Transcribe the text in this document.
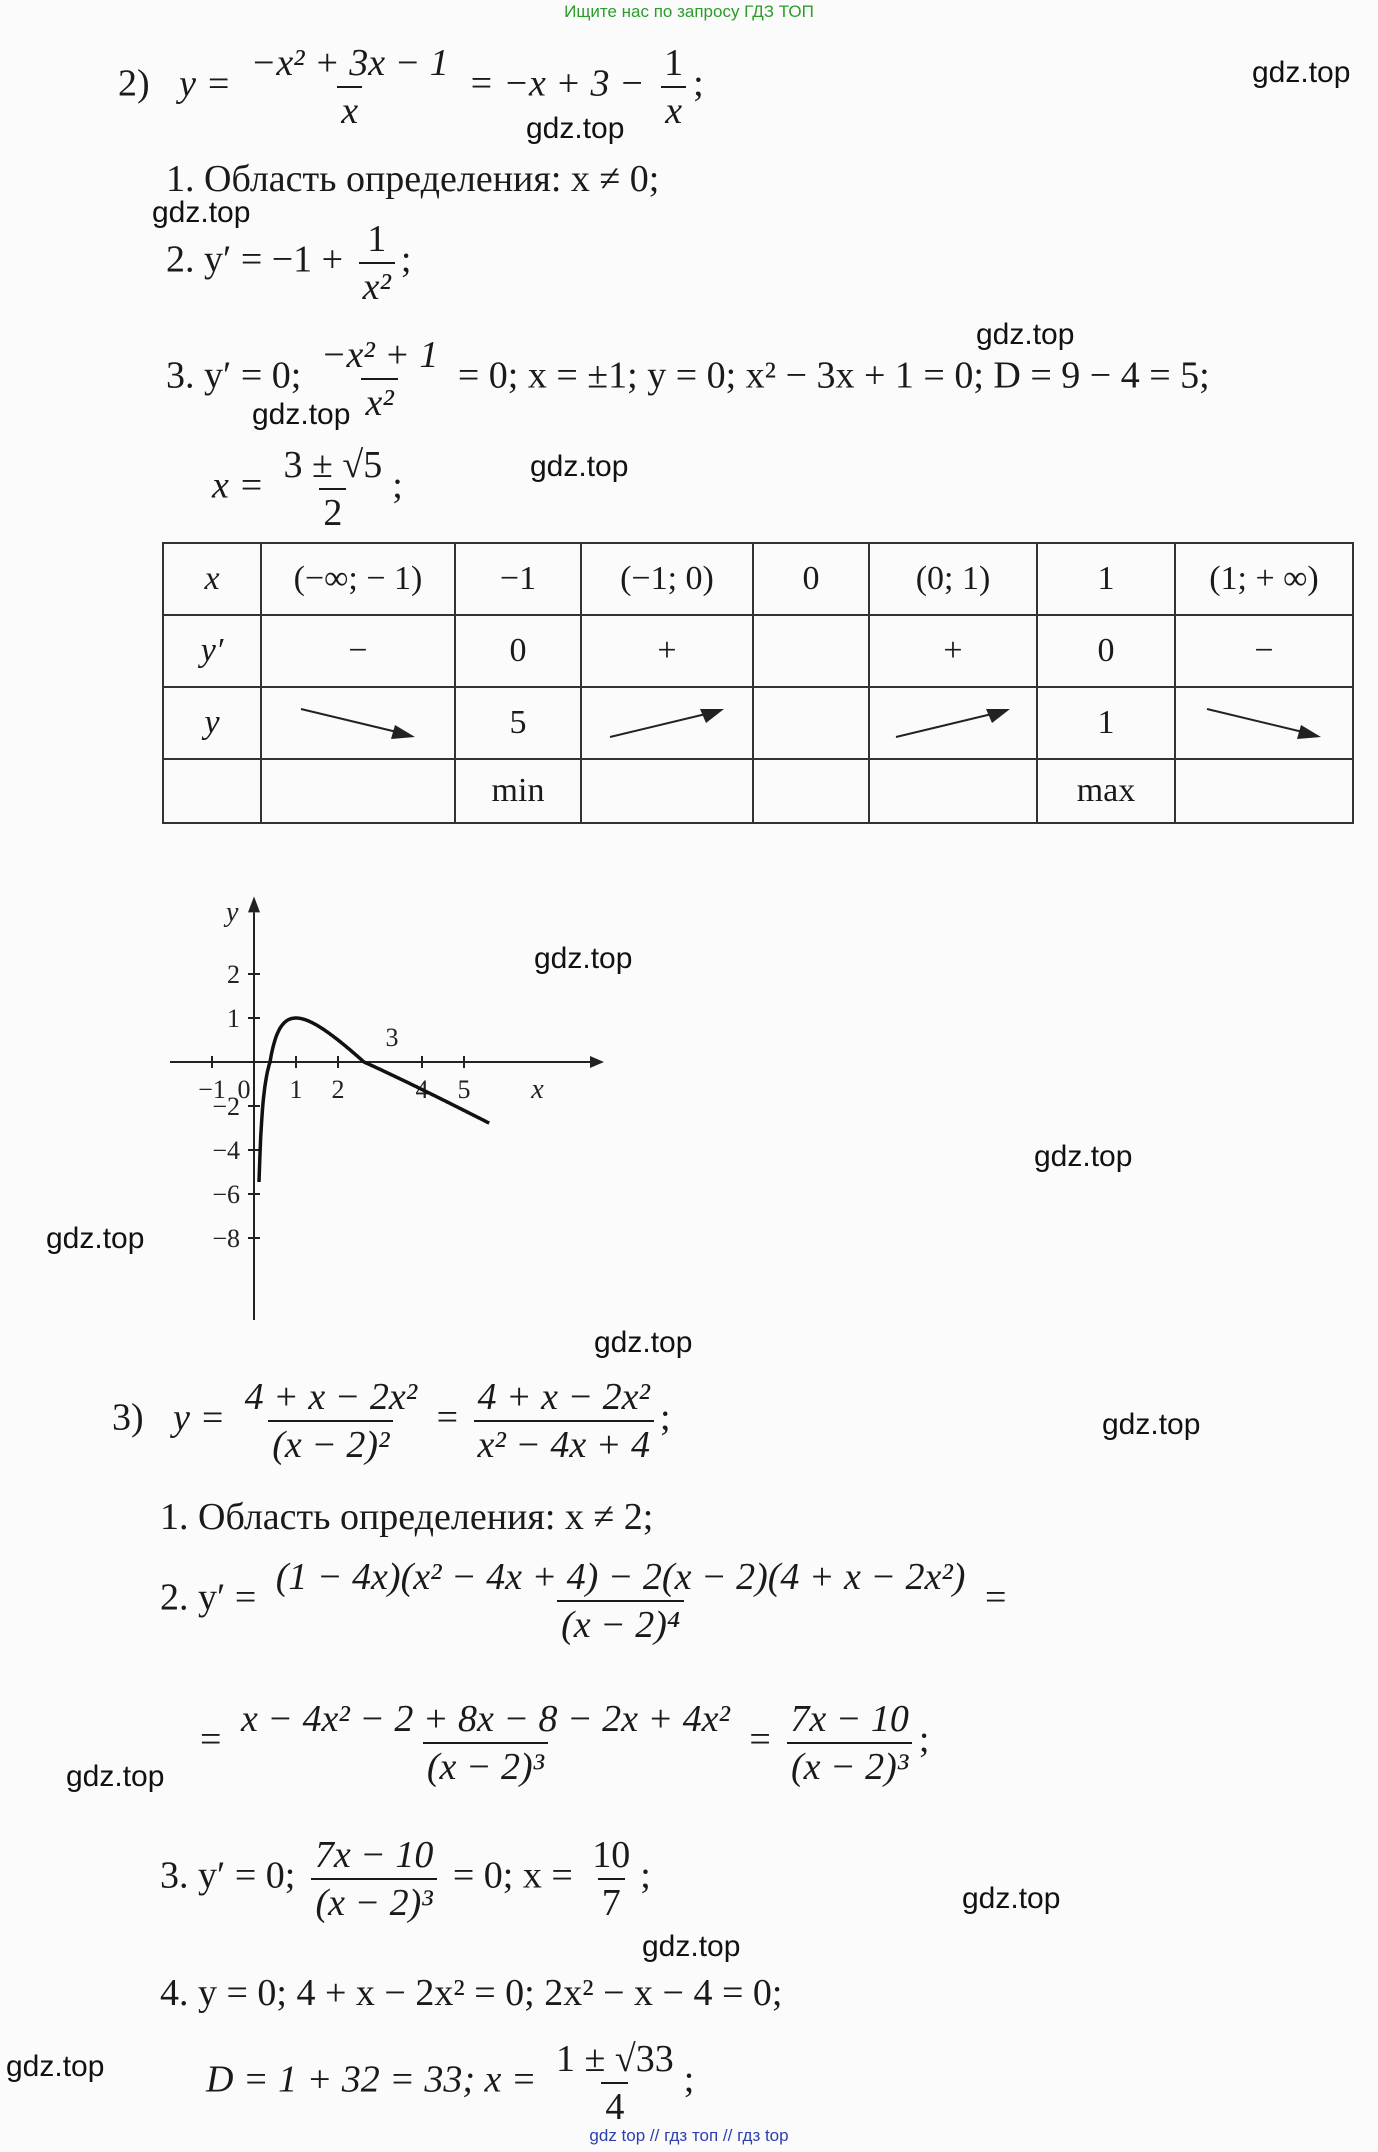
Ищите нас по запросу ГДЗ ТОП
gdz.top
gdz.top
gdz.top
gdz.top
gdz.top
gdz.top
gdz.top
gdz.top
gdz.top
gdz.top
gdz.top
gdz.top
gdz.top
gdz.top
gdz.top
2) $y = \frac{\text{−x² + 3x − 1}}{x} = -x + 3 - \frac{1}{x}$ ;
1. Область определения: x ≠ 0;
2. $y' = -1 + \frac{1}{\text{x²}}$ ;
3. y′ = 0; $\frac{\text{−x² + 1}}{\text{x²}} = 0$; x = ±1; y = 0; x² − 3x + 1 = 0; D = 9 − 4 = 5;
$x = \frac{3 \pm √5}{2}$ ;
x	(−∞; − 1)	−1	(−1; 0)	0	(0; 1)	1	(1; + ∞)
y′	−	0	+		+	0	−
y		5				1	

		min				max	
2
1
−2
−4
−6
−8
−1 0 1 2	4 5
3
x
y
3) $y = \frac{\text{4 + x − 2x²}}{\text{(x − 2)²}} = \frac{\text{4 + x − 2x²}}{\text{x² − 4x + 4}}$ ;
1. Область определения: x ≠ 2;
2. $y' = \frac{\text{(1 − 4x)(x² − 4x + 4) − 2(x − 2)(4 + x − 2x²)}}{\text{(x − 2)⁴}}$ =
= $\frac{\text{x − 4x² − 2 + 8x − 8 − 2x + 4x²}}{\text{(x − 2)³}} = \frac{7x - 10}{\text{(x − 2)³}}$ ;
3. y′ = 0; $\frac{7x - 10}{\text{(x − 2)³}} = 0$; $x = \frac{10}{7}$ ;
4. y = 0; 4 + x − 2x² = 0; 2x² − x − 4 = 0;
D = 1 + 32 = 33; $x = \frac{1 \pm √33}{4}$ ;
gdz top // гдз топ // гдз top
